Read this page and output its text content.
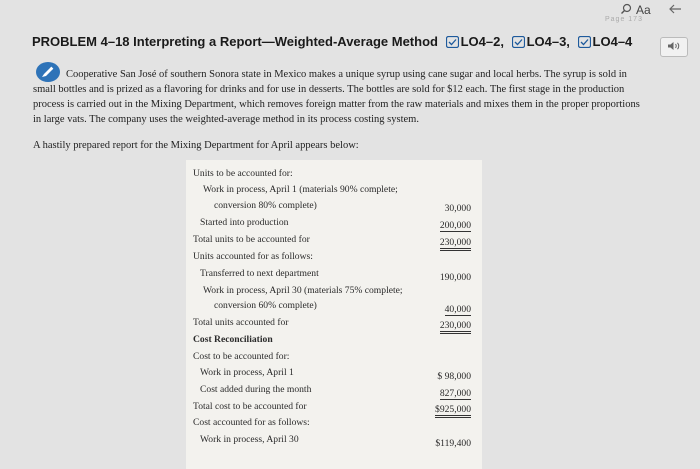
Aa
Page 173
PROBLEM 4–18 Interpreting a Report—Weighted-Average Method LO4–2, LO4–3, LO4–4

Cooperative San José of southern Sonora state in Mexico makes a unique syrup using cane sugar and local herbs. The syrup is sold in small bottles and is prized as a flavoring for drinks and for use in desserts. The bottles are sold for $12 each. The first stage in the production process is carried out in the Mixing Department, which removes foreign matter from the raw materials and mixes them in the proper proportions in large vats. The company uses the weighted-average method in its process costing system.

A hastily prepared report for the Mixing Department for April appears below:

Units to be accounted for:
Work in process, April 1 (materials 90% complete;
conversion 80% complete)	30,000
Started into production	200,000
Total units to be accounted for	230,000
Units accounted for as follows:
Transferred to next department	190,000
Work in process, April 30 (materials 75% complete;
conversion 60% complete)	40,000
Total units accounted for	230,000
Cost Reconciliation
Cost to be accounted for:
Work in process, April 1	$ 98,000
Cost added during the month	827,000
Total cost to be accounted for	$925,000
Cost accounted for as follows:
Work in process, April 30	$119,400
